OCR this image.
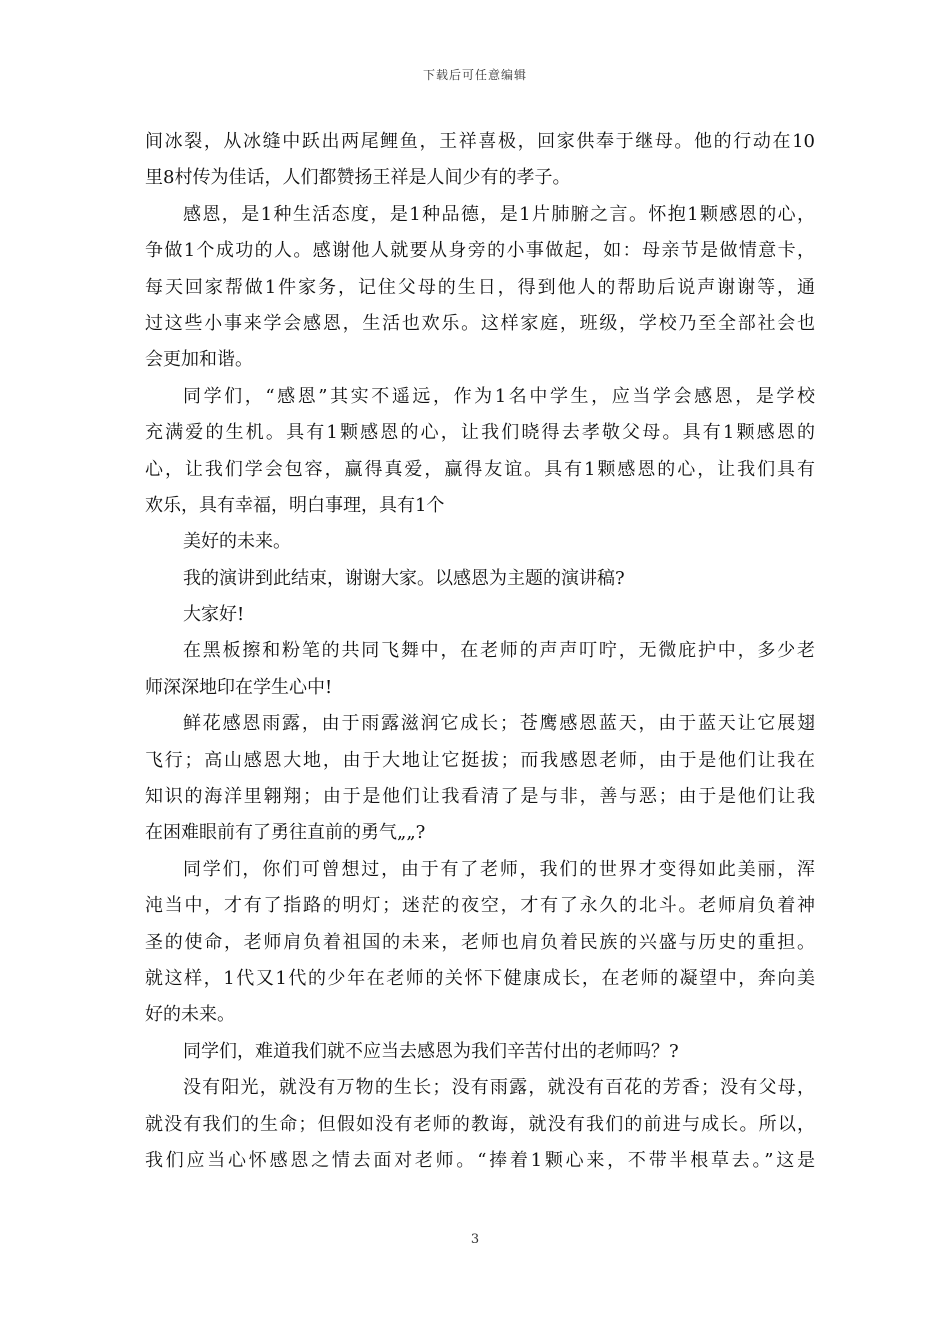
下载后可任意编辑
间冰裂，从冰缝中跃出两尾鲤鱼，王祥喜极，回家供奉于继母。他的行动在10
里8村传为佳话，人们都赞扬王祥是人间少有的孝子。
感恩，是1种生活态度，是1种品德，是1片肺腑之言。怀抱1颗感恩的心，
争做1个成功的人。感谢他人就要从身旁的小事做起，如：母亲节是做情意卡，
每天回家帮做1件家务，记住父母的生日，得到他人的帮助后说声谢谢等，通
过这些小事来学会感恩，生活也欢乐。这样家庭，班级，学校乃至全部社会也
会更加和谐。
同学们，“感恩”其实不遥远，作为1名中学生，应当学会感恩，是学校
充满爱的生机。具有1颗感恩的心，让我们晓得去孝敬父母。具有1颗感恩的
心，让我们学会包容，赢得真爱，赢得友谊。具有1颗感恩的心，让我们具有
欢乐，具有幸福，明白事理，具有1个
美好的未来。
我的演讲到此结束，谢谢大家。以感恩为主题的演讲稿?
大家好!
在黑板擦和粉笔的共同飞舞中，在老师的声声叮咛，无微庇护中，多少老
师深深地印在学生心中!
鲜花感恩雨露，由于雨露滋润它成长；苍鹰感恩蓝天，由于蓝天让它展翅
飞行；高山感恩大地，由于大地让它挺拔；而我感恩老师，由于是他们让我在
知识的海洋里翱翔；由于是他们让我看清了是与非，善与恶；由于是他们让我
在困难眼前有了勇往直前的勇气„„?
同学们，你们可曾想过，由于有了老师，我们的世界才变得如此美丽，浑
沌当中，才有了指路的明灯；迷茫的夜空，才有了永久的北斗。老师肩负着神
圣的使命，老师肩负着祖国的未来，老师也肩负着民族的兴盛与历史的重担。
就这样，1代又1代的少年在老师的关怀下健康成长，在老师的凝望中，奔向美
好的未来。
同学们，难道我们就不应当去感恩为我们辛苦付出的老师吗？?
没有阳光，就没有万物的生长；没有雨露，就没有百花的芳香；没有父母，
就没有我们的生命；但假如没有老师的教诲，就没有我们的前进与成长。所以，
我们应当心怀感恩之情去面对老师。“捧着1颗心来，不带半根草去。”这是
3
